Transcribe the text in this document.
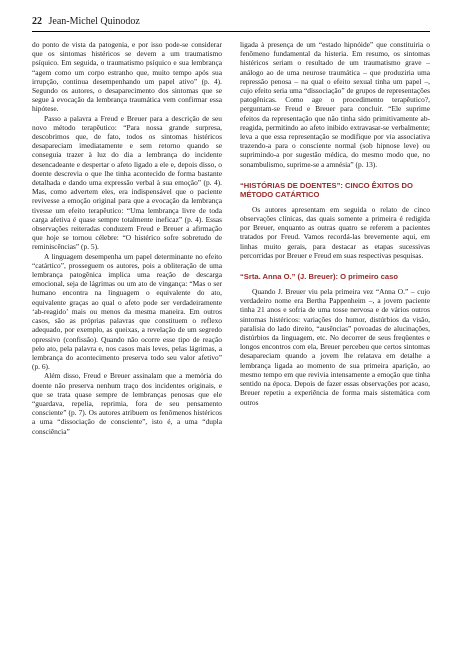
22 Jean-Michel Quinodoz

do ponto de vista da patogenia, e por isso pode-se considerar que os sintomas histéricos se devem a um traumatismo psíquico. Em seguida, o traumatismo psíquico e sua lembrança “agem como um corpo estranho que, muito tempo após sua irrupção, continua desempenhando um papel ativo” (p. 4). Segundo os autores, o desaparecimento dos sintomas que se segue à evocação da lembrança traumática vem confirmar essa hipótese.

Passo a palavra a Freud e Breuer para a descrição de seu novo método terapêutico: “Para nossa grande surpresa, descobrimos que, de fato, todos os sintomas histéricos desapareciam imediatamente e sem retorno quando se conseguia trazer à luz do dia a lembrança do incidente desencadeante e despertar o afeto ligado a ele e, depois disso, o doente descrevia o que lhe tinha acontecido de forma bastante detalhada e dando uma expressão verbal à sua emoção” (p. 4). Mas, como advertem eles, era indispensável que o paciente revivesse a emoção original para que a evocação da lembrança tivesse um efeito terapêutico: “Uma lembrança livre de toda carga afetiva é quase sempre totalmente ineficaz” (p. 4). Essas observações reiteradas conduzem Freud e Breuer a afirmação que hoje se tornou célebre: “O histérico sofre sobretudo de reminiscências” (p. 5).

A linguagem desempenha um papel determinante no efeito “catártico”, prosseguem os autores, pois a obliteração de uma lembrança patogênica implica uma reação de descarga emocional, seja de lágrimas ou um ato de vingança: “Mas o ser humano encontra na linguagem o equivalente do ato, equivalente graças ao qual o afeto pode ser verdadeiramente ‘ab-reagido’ mais ou menos da mesma maneira. Em outros casos, são as próprias palavras que constituem o reflexo adequado, por exemplo, as queixas, a revelação de um segredo opressivo (confissão). Quando não ocorre esse tipo de reação pelo ato, pela palavra e, nos casos mais leves, pelas lágrimas, a lembrança do acontecimento preserva todo seu valor afetivo” (p. 6).

Além disso, Freud e Breuer assinalam que a memória do doente não preserva nenhum traço dos incidentes originais, e que se trata quase sempre de lembranças penosas que ele “guardava, repelia, reprimia, fora de seu pensamento consciente” (p. 7). Os autores atribuem os fenômenos histéricos a uma “dissociação de consciente”, isto é, a uma “dupla consciência”

ligada à presença de um “estado hipnóide” que constituiria o fenômeno fundamental da histeria. Em resumo, os sintomas histéricos seriam o resultado de um traumatismo grave – análogo ao de uma neurose traumática – que produziria uma repressão penosa – na qual o efeito sexual tinha um papel –, cujo efeito seria uma “dissociação” de grupos de representações patogênicas. Como age o procedimento terapêutico?, perguntam-se Freud e Breuer para concluir. “Ele suprime efeitos da representação que não tinha sido primitivamente ab-reagida, permitindo ao afeto inibido extravasar-se verbalmente; leva a que essa representação se modifique por via associativa trazendo-a para o consciente normal (sob hipnose leve) ou suprimindo-a por sugestão médica, do mesmo modo que, no sonambulismo, suprime-se a amnésia” (p. 13).

“HISTÓRIAS DE DOENTES”: CINCO ÊXITOS DO MÉTODO CATÁRTICO

Os autores apresentam em seguida o relato de cinco observações clínicas, das quais somente a primeira é redigida por Breuer, enquanto as outras quatro se referem a pacientes tratados por Freud. Vamos recordá-las brevemente aqui, em linhas muito gerais, para destacar as etapas sucessivas percorridas por Breuer e Freud em suas respectivas pesquisas.

“Srta. Anna O.” (J. Breuer): O primeiro caso

Quando J. Breuer viu pela primeira vez “Anna O.” – cujo verdadeiro nome era Bertha Pappenheim –, a jovem paciente tinha 21 anos e sofria de uma tosse nervosa e de vários outros sintomas histéricos: variações do humor, distúrbios da visão, paralisia do lado direito, “ausências” povoadas de alucinações, distúrbios da linguagem, etc. No decorrer de seus freqüentes e longos encontros com ela, Breuer percebeu que certos sintomas desapareciam quando a jovem lhe relatava em detalhe a lembrança ligada ao momento de sua primeira aparição, ao mesmo tempo em que revivia intensamente a emoção que tinha sentido na época. Depois de fazer essas observações por acaso, Breuer repetiu a experiência de forma mais sistemática com outros
